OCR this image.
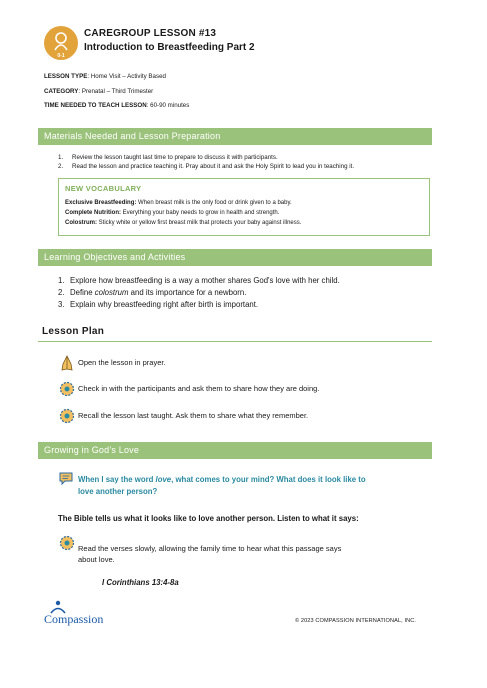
0-1
CAREGROUP LESSON #13
Introduction to Breastfeeding Part 2
LESSON TYPE: Home Visit – Activity Based
CATEGORY: Prenatal – Third Trimester
TIME NEEDED TO TEACH LESSON: 60-90 minutes
Materials Needed and Lesson Preparation
1. Review the lesson taught last time to prepare to discuss it with participants.
2. Read the lesson and practice teaching it. Pray about it and ask the Holy Spirit to lead you in teaching it.
NEW VOCABULARY
Exclusive Breastfeeding: When breast milk is the only food or drink given to a baby.
Complete Nutrition: Everything your baby needs to grow in health and strength.
Colostrum: Sticky white or yellow first breast milk that protects your baby against illness.
Learning Objectives and Activities
1. Explore how breastfeeding is a way a mother shares God's love with her child.
2. Define colostrum and its importance for a newborn.
3. Explain why breastfeeding right after birth is important.
Lesson Plan
Open the lesson in prayer.
Check in with the participants and ask them to share how they are doing.
Recall the lesson last taught. Ask them to share what they remember.
Growing in God’s Love
When I say the word love, what comes to your mind? What does it look like to
love another person?
The Bible tells us what it looks like to love another person. Listen to what it says:
Read the verses slowly, allowing the family time to hear what this passage says
about love.
I Corinthians 13:4-8a
Compassion	© 2023 COMPASSION INTERNATIONAL, INC.
